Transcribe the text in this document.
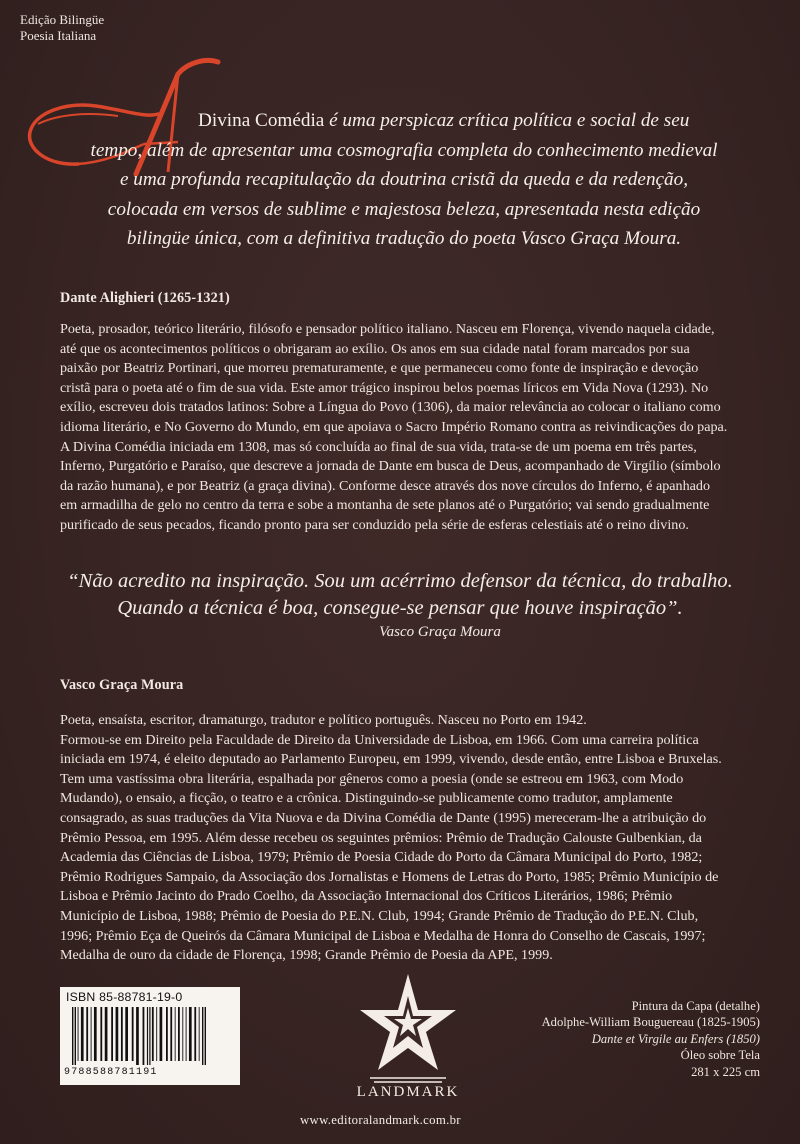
Edição Bilingüe
Poesia Italiana
Divina Comédia é uma perspicaz crítica política e social de seu
tempo, além de apresentar uma cosmografia completa do conhecimento medieval
e uma profunda recapitulação da doutrina cristã da queda e da redenção,
colocada em versos de sublime e majestosa beleza, apresentada nesta edição
bilingüe única, com a definitiva tradução do poeta Vasco Graça Moura.
Dante Alighieri (1265-1321)
Poeta, prosador, teórico literário, filósofo e pensador político italiano. Nasceu em Florença, vivendo naquela cidade,
até que os acontecimentos políticos o obrigaram ao exílio. Os anos em sua cidade natal foram marcados por sua
paixão por Beatriz Portinari, que morreu prematuramente, e que permaneceu como fonte de inspiração e devoção
cristã para o poeta até o fim de sua vida. Este amor trágico inspirou belos poemas líricos em Vida Nova (1293). No
exílio, escreveu dois tratados latinos: Sobre a Língua do Povo (1306), da maior relevância ao colocar o italiano como
idioma literário, e No Governo do Mundo, em que apoiava o Sacro Império Romano contra as reivindicações do papa.
A Divina Comédia iniciada em 1308, mas só concluída ao final de sua vida, trata-se de um poema em três partes,
Inferno, Purgatório e Paraíso, que descreve a jornada de Dante em busca de Deus, acompanhado de Virgílio (símbolo
da razão humana), e por Beatriz (a graça divina). Conforme desce através dos nove círculos do Inferno, é apanhado
em armadilha de gelo no centro da terra e sobe a montanha de sete planos até o Purgatório; vai sendo gradualmente
purificado de seus pecados, ficando pronto para ser conduzido pela série de esferas celestiais até o reino divino.
“Não acredito na inspiração. Sou um acérrimo defensor da técnica, do trabalho.
Quando a técnica é boa, consegue-se pensar que houve inspiração”.
Vasco Graça Moura
Vasco Graça Moura
Poeta, ensaísta, escritor, dramaturgo, tradutor e político português. Nasceu no Porto em 1942.
Formou-se em Direito pela Faculdade de Direito da Universidade de Lisboa, em 1966. Com uma carreira política
iniciada em 1974, é eleito deputado ao Parlamento Europeu, em 1999, vivendo, desde então, entre Lisboa e Bruxelas.
Tem uma vastíssima obra literária, espalhada por gêneros como a poesia (onde se estreou em 1963, com Modo
Mudando), o ensaio, a ficção, o teatro e a crônica. Distinguindo-se publicamente como tradutor, amplamente
consagrado, as suas traduções da Vita Nuova e da Divina Comédia de Dante (1995) mereceram-lhe a atribuição do
Prêmio Pessoa, em 1995. Além desse recebeu os seguintes prêmios: Prêmio de Tradução Calouste Gulbenkian, da
Academia das Ciências de Lisboa, 1979; Prêmio de Poesia Cidade do Porto da Câmara Municipal do Porto, 1982;
Prêmio Rodrigues Sampaio, da Associação dos Jornalistas e Homens de Letras do Porto, 1985; Prêmio Município de
Lisboa e Prêmio Jacinto do Prado Coelho, da Associação Internacional dos Críticos Literários, 1986; Prêmio
Município de Lisboa, 1988; Prêmio de Poesia do P.E.N. Club, 1994; Grande Prêmio de Tradução do P.E.N. Club,
1996; Prêmio Eça de Queirós da Câmara Municipal de Lisboa e Medalha de Honra do Conselho de Cascais, 1997;
Medalha de ouro da cidade de Florença, 1998; Grande Prêmio de Poesia da APE, 1999.
ISBN 85-88781-19-0
9788588781191
LANDMARK
Pintura da Capa (detalhe)
Adolphe-William Bouguereau (1825-1905)
Dante et Virgile au Enfers (1850)
Óleo sobre Tela
281 x 225 cm
www.editoralandmark.com.br
